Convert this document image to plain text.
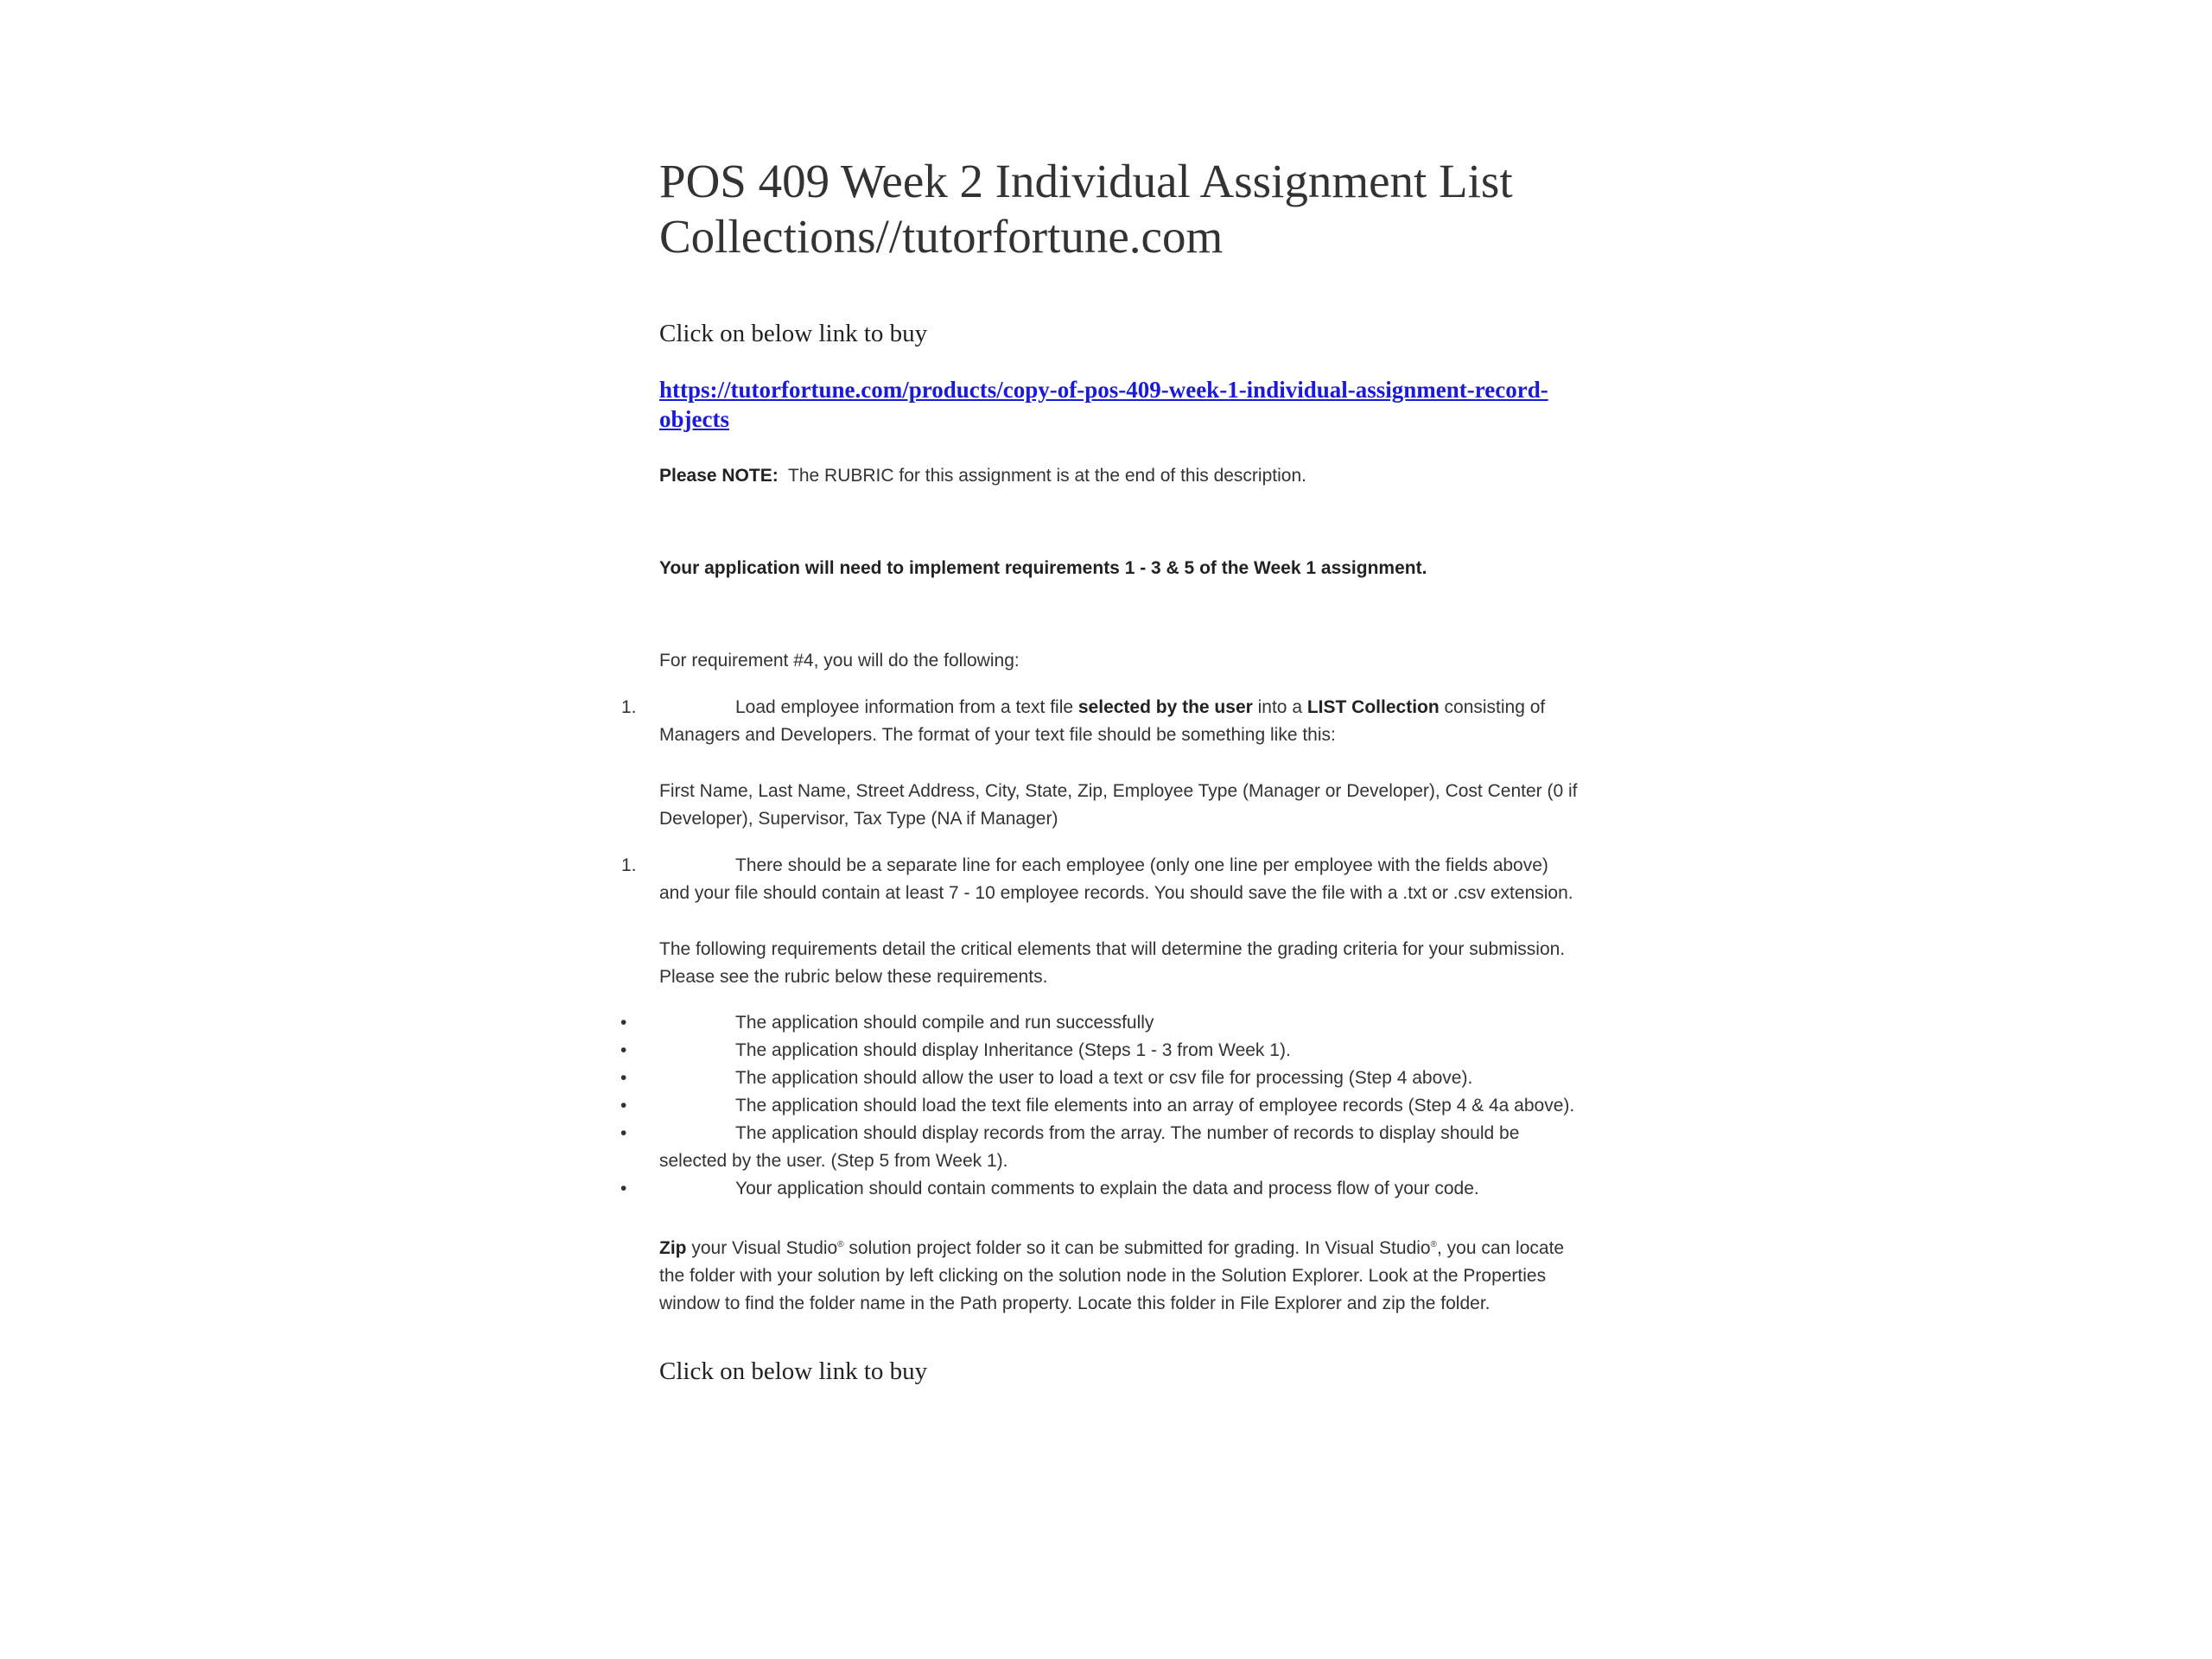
POS 409 Week 2 Individual Assignment List
Collections//tutorfortune.com

Click on below link to buy

https://tutorfortune.com/products/copy-of-pos-409-week-1-individual-assignment-record-objects

Please NOTE: The RUBRIC for this assignment is at the end of this description.

Your application will need to implement requirements 1 - 3 & 5 of the Week 1 assignment.

For requirement #4, you will do the following:

1.	Load employee information from a text file selected by the user into a LIST Collection consisting of Managers and Developers. The format of your text file should be something like this:

First Name, Last Name, Street Address, City, State, Zip, Employee Type (Manager or Developer), Cost Center (0 if Developer), Supervisor, Tax Type (NA if Manager)

1.	There should be a separate line for each employee (only one line per employee with the fields above) and your file should contain at least 7 - 10 employee records. You should save the file with a .txt or .csv extension.

The following requirements detail the critical elements that will determine the grading criteria for your submission. Please see the rubric below these requirements.

•	The application should compile and run successfully
•	The application should display Inheritance (Steps 1 - 3 from Week 1).
•	The application should allow the user to load a text or csv file for processing (Step 4 above).
•	The application should load the text file elements into an array of employee records (Step 4 & 4a above).
•	The application should display records from the array. The number of records to display should be selected by the user. (Step 5 from Week 1).
•	Your application should contain comments to explain the data and process flow of your code.

Zip your Visual Studio® solution project folder so it can be submitted for grading. In Visual Studio®, you can locate the folder with your solution by left clicking on the solution node in the Solution Explorer. Look at the Properties window to find the folder name in the Path property. Locate this folder in File Explorer and zip the folder.

Click on below link to buy
